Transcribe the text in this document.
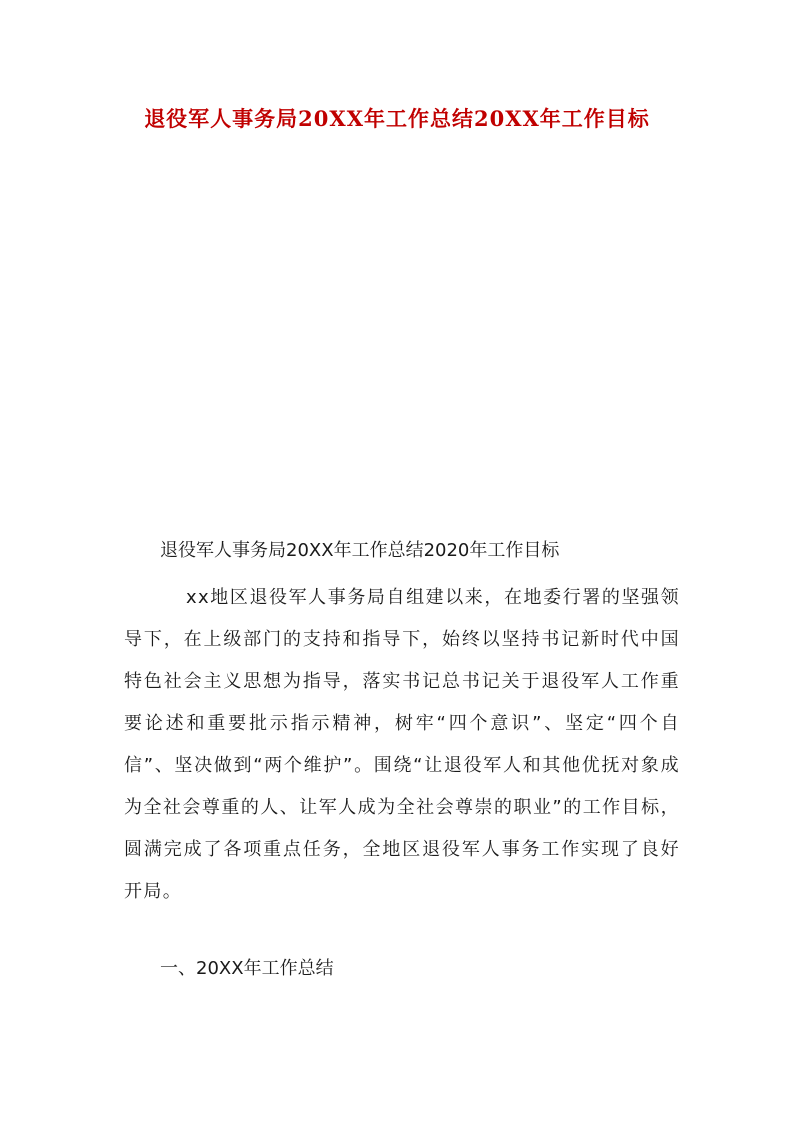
退役军人事务局20XX年工作总结20XX年工作目标
退役军人事务局20XX年工作总结2020年工作目标

xx地区退役军人事务局自组建以来，在地委行署的坚强领导下，在上级部门的支持和指导下，始终以坚持书记新时代中国特色社会主义思想为指导，落实书记总书记关于退役军人工作重要论述和重要批示指示精神，树牢“四个意识”、坚定“四个自信”、坚决做到“两个维护”。围绕“让退役军人和其他优抚对象成为全社会尊重的人、让军人成为全社会尊崇的职业”的工作目标，圆满完成了各项重点任务，全地区退役军人事务工作实现了良好开局。

一、20XX年工作总结
